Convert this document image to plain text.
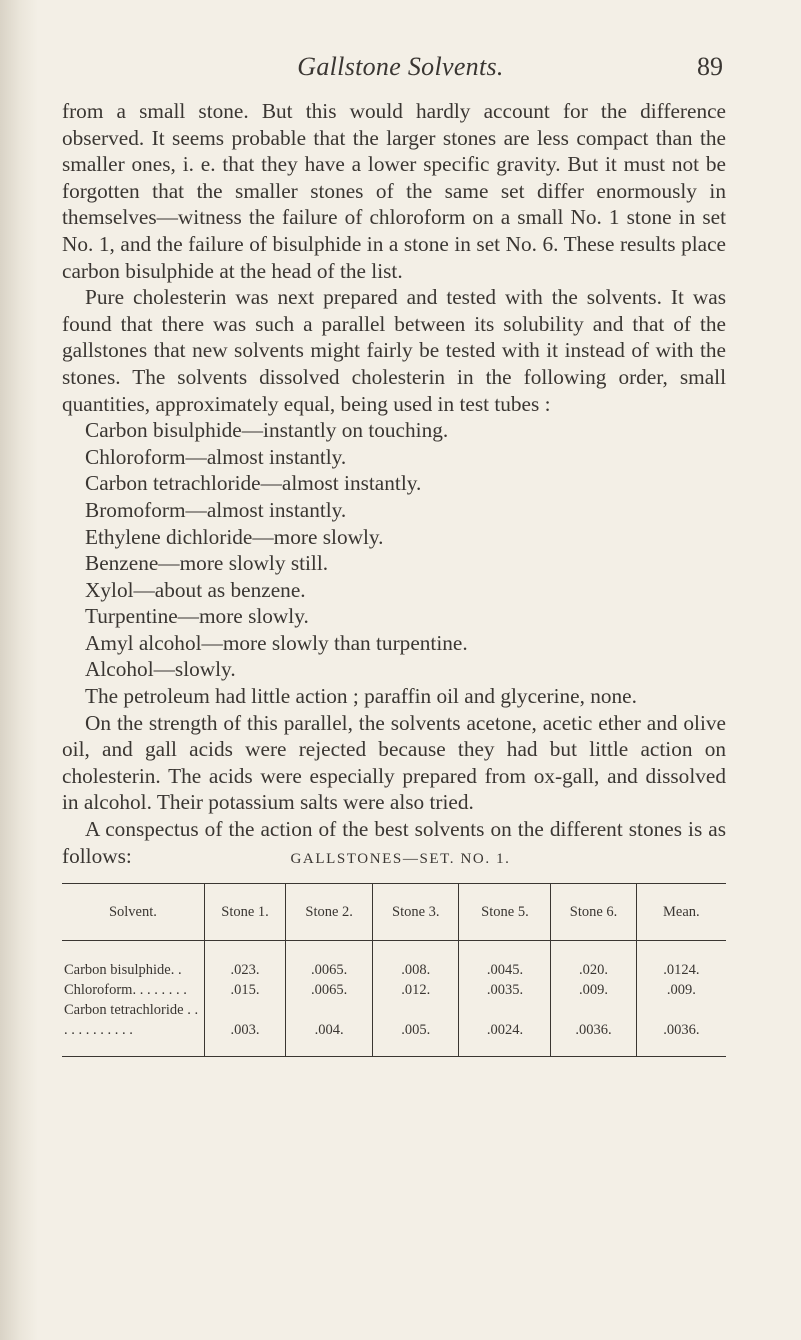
Gallstone Solvents.	89

from a small stone. But this would hardly account for the difference observed. It seems probable that the larger stones are less compact than the smaller ones, i. e. that they have a lower specific gravity. But it must not be forgotten that the smaller stones of the same set differ enormously in themselves—witness the failure of chloroform on a small No. 1 stone in set No. 1, and the failure of bisulphide in a stone in set No. 6. These results place carbon bisulphide at the head of the list.

Pure cholesterin was next prepared and tested with the solvents. It was found that there was such a parallel between its solubility and that of the gallstones that new solvents might fairly be tested with it instead of with the stones. The solvents dissolved cholesterin in the following order, small quantities, approximately equal, being used in test tubes :

Carbon bisulphide—instantly on touching.

Chloroform—almost instantly.

Carbon tetrachloride—almost instantly.

Bromoform—almost instantly.

Ethylene dichloride—more slowly.

Benzene—more slowly still.

Xylol—about as benzene.

Turpentine—more slowly.

Amyl alcohol—more slowly than turpentine.

Alcohol—slowly.

The petroleum had little action ; paraffin oil and glycerine, none.

On the strength of this parallel, the solvents acetone, acetic ether and olive oil, and gall acids were rejected because they had but little action on cholesterin. The acids were especially prepared from ox-gall, and dissolved in alcohol. Their potassium salts were also tried.

A conspectus of the action of the best solvents on the different stones is as follows:	GALLSTONES—SET. NO. 1.
Solvent.	Stone 1.	Stone 2.	Stone 3.	Stone 5.	Stone 6.	Mean.
Carbon bisulphide. .	.023.	.0065.	.008.	.0045.	.020.	.0124.
Chloroform. . . . . . . .	.015.	.0065.	.012.	.0035.	.009.	.009.
Carbon tetrachloride . . . . . . . . . . . .	.003.	.004.	.005.	.0024.	.0036.	.0036.
